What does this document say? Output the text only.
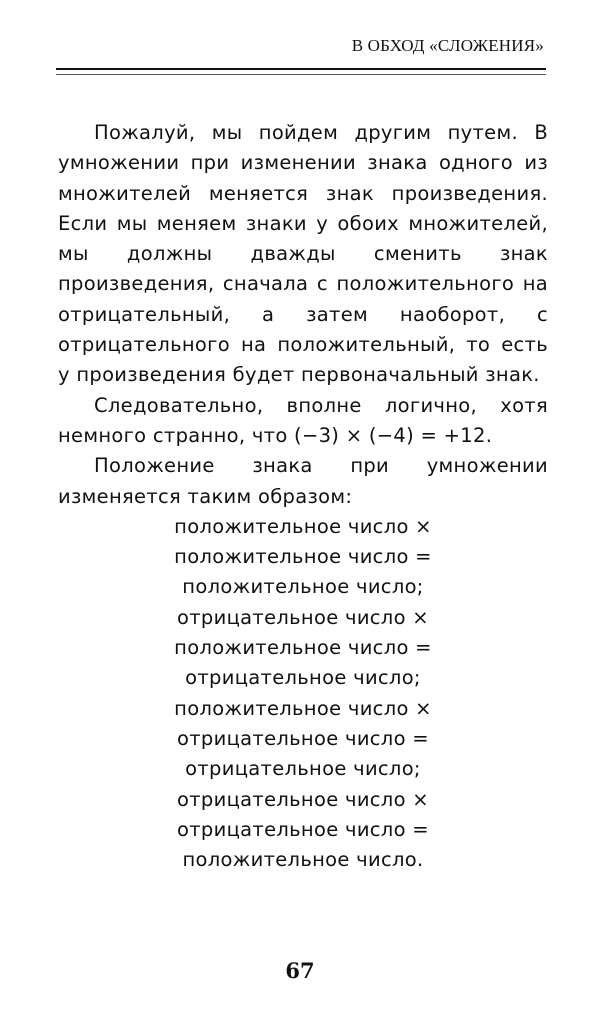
В ОБХОД «СЛОЖЕНИЯ»

Пожалуй, мы пойдем другим путем. В умножении при изменении знака одного из множителей меняется знак произведения. Если мы меняем знаки у обоих множителей, мы должны дважды сменить знак произведения, сначала с положительного на отрицательный, а затем наоборот, с отрицательного на положительный, то есть у произведения будет первоначальный знак.

Следовательно, вполне логично, хотя немного странно, что (−3) × (−4) = +12.

Положение знака при умножении изменяется таким образом:

положительное число ×
положительное число =
положительное число;
отрицательное число ×
положительное число =
отрицательное число;
положительное число ×
отрицательное число =
отрицательное число;
отрицательное число ×
отрицательное число =
положительное число.
67
